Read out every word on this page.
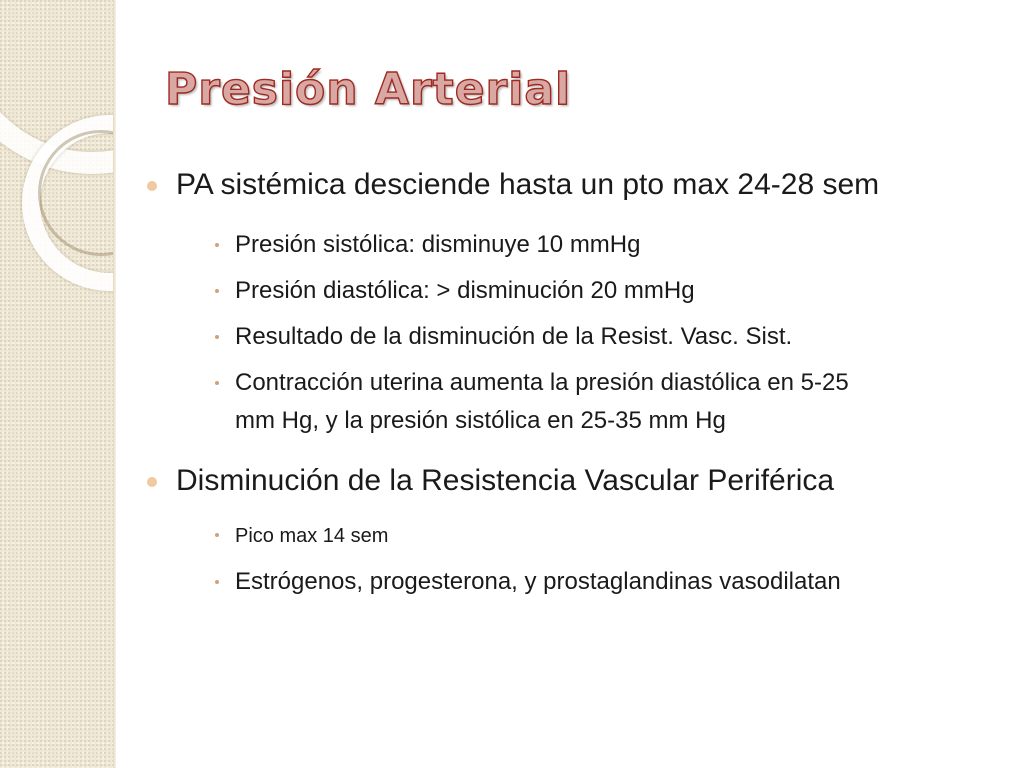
Presión Arterial
PA sistémica desciende hasta un pto max 24-28 sem
Presión sistólica: disminuye 10 mmHg
Presión diastólica: > disminución 20 mmHg
Resultado de la disminución de la Resist. Vasc. Sist.
Contracción uterina aumenta la presión diastólica en 5-25 mm Hg, y la presión sistólica en 25-35 mm Hg
Disminución de la Resistencia Vascular Periférica
Pico max 14 sem
Estrógenos, progesterona, y prostaglandinas vasodilatan
